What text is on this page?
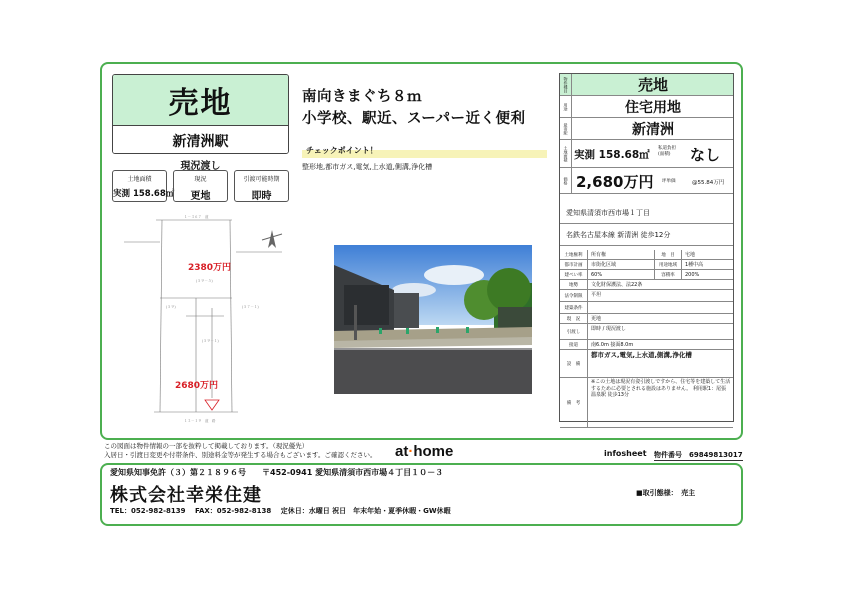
売地
新清洲駅
現況渡し
土地面積
実測 158.68㎡
現況
更地
引渡可能時期
即時
１－３６７　道
(５９－５)
(５９－１)
１３－１９　道　路
(５７－１)
(５９)
2380万円
2680万円
南向きまぐち８ｍ
小学校、駅近、スーパー近く便利
チェックポイント！
整形地,都市ガス,電気,上水道,側溝,浄化槽
物件種目	売地
用途	住宅用地
最寄駅	新清洲
土地面積 実測 158.68㎡
私道負担 (面積)	なし
価格 2,680万円 坪単価	@55.84万円
愛知県清須市西市場１丁目
名鉄名古屋本線 新清洲 徒歩12分
土地権利	所有権	地　目	宅地
都市計画	市街化区域	用途地域	1種中高
建ぺい率	60%	容積率	200%
地勢	文化財保護法、法22条
法令制限	平坦
建築条件
現　況	更地
引渡し	即時 / 現況渡し
接道	南6.0m 接面8.0m
設　備
都市ガス,電気,上水道,側溝,浄化槽
備　考
※この土地は現況有姿引渡しですから、住宅等を建築して生活するために必要とされる施設はありません。 利用駅1：尾張温泉駅 徒歩13分
この図面は物件情報の一部を抜粋して掲載しております。（現況優先）
入居日・引渡日変更や付帯条件、別途料金等が発生する場合もございます。ご確認ください。 at·home	infosheet 物件番号　69849813017
愛知県知事免許（３）第２１８９６号　　〒452-0941 愛知県清須市西市場４丁目１０－３
株式会社幸栄住建
TEL：052-982-8139　 FAX：052-982-8138　 定休日：水曜日 祝日　年末年始・夏季休暇・GW休暇
■取引態様：　売主
